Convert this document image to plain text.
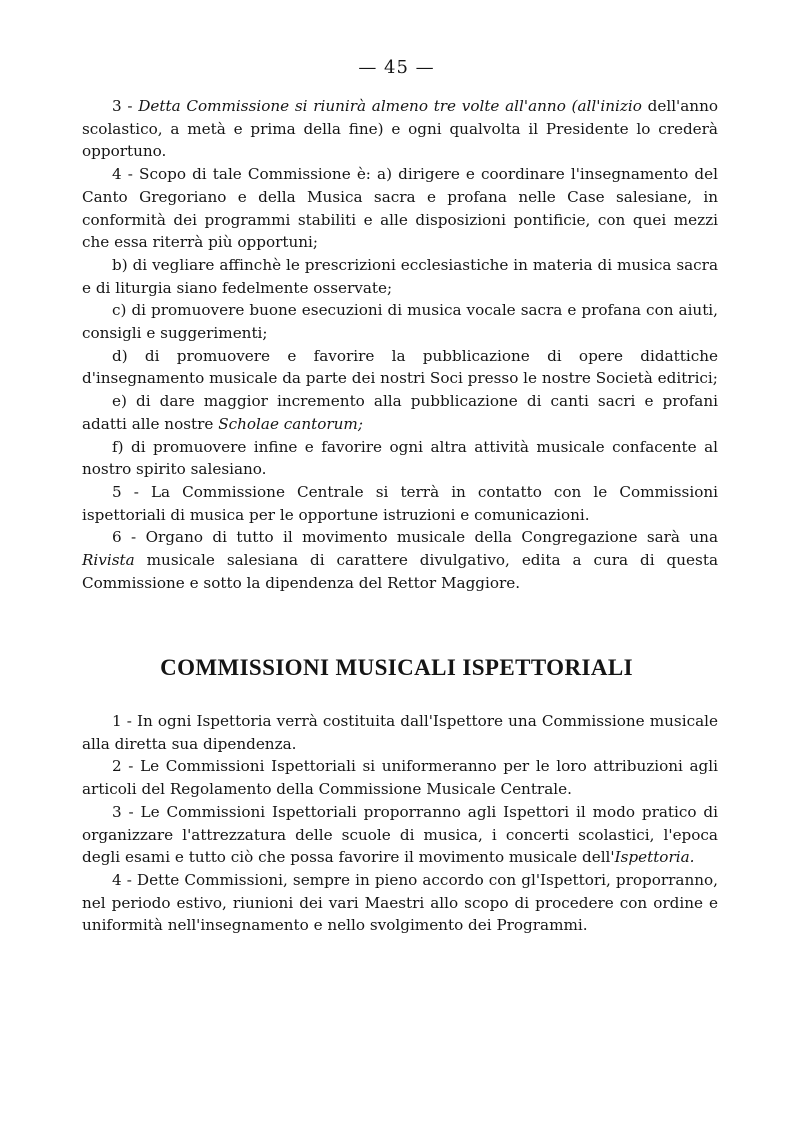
— 45 —

3 - Detta Commissione si riunirà almeno tre volte all'anno (all'inizio dell'anno scolastico, a metà e prima della fine) e ogni qualvolta il Presidente lo crederà opportuno.

4 - Scopo di tale Commissione è: a) dirigere e coordinare l'insegnamento del Canto Gregoriano e della Musica sacra e profana nelle Case salesiane, in conformità dei programmi stabiliti e alle disposizioni pontificie, con quei mezzi che essa riterrà più opportuni;

b) di vegliare affinchè le prescrizioni ecclesiastiche in materia di musica sacra e di liturgia siano fedelmente osservate;

c) di promuovere buone esecuzioni di musica vocale sacra e profana con aiuti, consigli e suggerimenti;

d) di promuovere e favorire la pubblicazione di opere didattiche d'insegnamento musicale da parte dei nostri Soci presso le nostre Società editrici;

e) di dare maggior incremento alla pubblicazione di canti sacri e profani adatti alle nostre Scholae cantorum;

f) di promuovere infine e favorire ogni altra attività musicale confacente al nostro spirito salesiano.

5 - La Commissione Centrale si terrà in contatto con le Commissioni ispettoriali di musica per le opportune istruzioni e comunicazioni.

6 - Organo di tutto il movimento musicale della Congregazione sarà una Rivista musicale salesiana di carattere divulgativo, edita a cura di questa Commissione e sotto la dipendenza del Rettor Maggiore.

COMMISSIONI MUSICALI ISPETTORIALI

1 - In ogni Ispettoria verrà costituita dall'Ispettore una Commissione musicale alla diretta sua dipendenza.

2 - Le Commissioni Ispettoriali si uniformeranno per le loro attribuzioni agli articoli del Regolamento della Commissione Musicale Centrale.

3 - Le Commissioni Ispettoriali proporranno agli Ispettori il modo pratico di organizzare l'attrezzatura delle scuole di musica, i concerti scolastici, l'epoca degli esami e tutto ciò che possa favorire il movimento musicale dell'Ispettoria.

4 - Dette Commissioni, sempre in pieno accordo con gl'Ispettori, proporranno, nel periodo estivo, riunioni dei vari Maestri allo scopo di procedere con ordine e uniformità nell'insegnamento e nello svolgimento dei Programmi.
